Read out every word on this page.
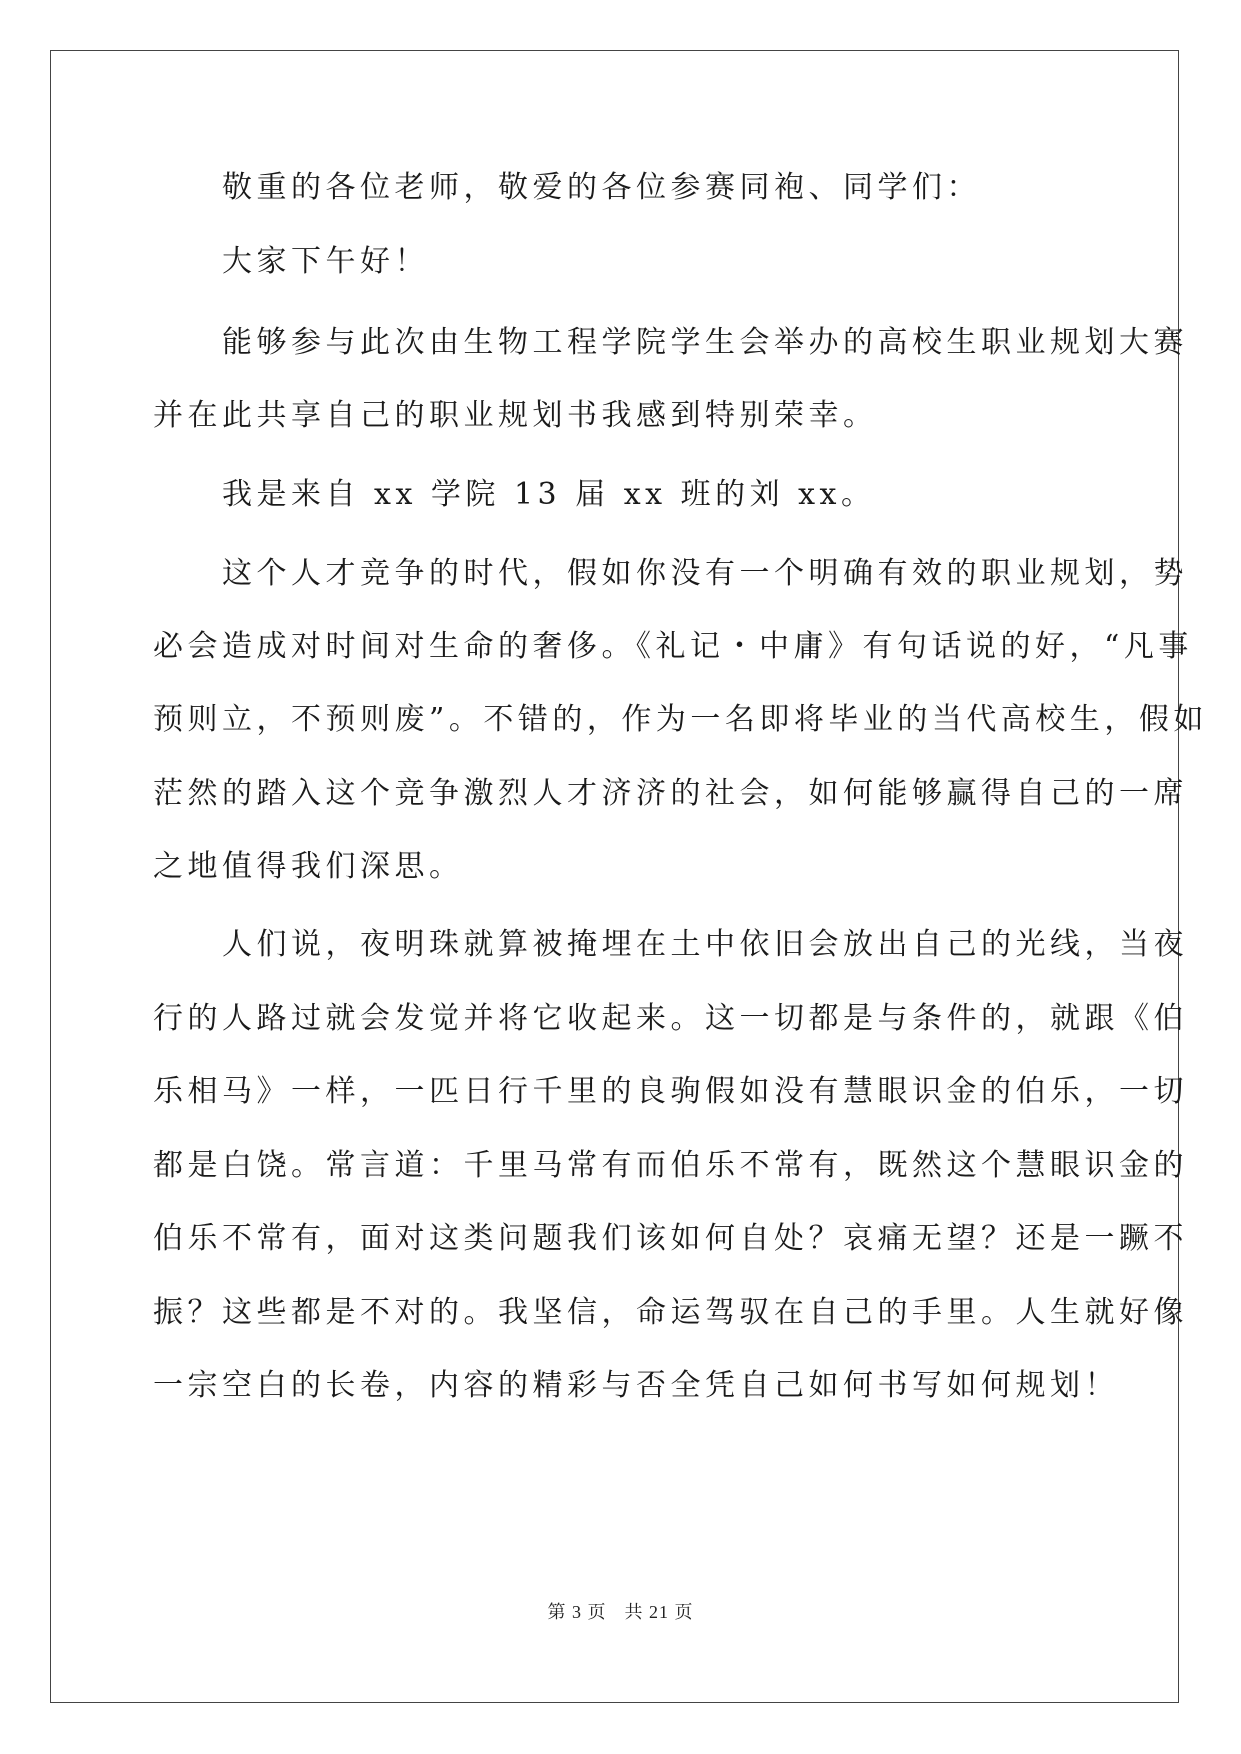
　　敬重的各位老师，敬爱的各位参赛同袍、同学们：
　　大家下午好！
　　能够参与此次由生物工程学院学生会举办的高校生职业规划大赛
并在此共享自己的职业规划书我感到特别荣幸。
　　我是来自 xx 学院 13 届 xx 班的刘 xx。
　　这个人才竞争的时代，假如你没有一个明确有效的职业规划，势
必会造成对时间对生命的奢侈。《礼记・中庸》有句话说的好，“凡事
预则立，不预则废”。不错的，作为一名即将毕业的当代高校生，假如
茫然的踏入这个竞争激烈人才济济的社会，如何能够赢得自己的一席
之地值得我们深思。
　　人们说，夜明珠就算被掩埋在土中依旧会放出自己的光线，当夜
行的人路过就会发觉并将它收起来。这一切都是与条件的，就跟《伯
乐相马》一样，一匹日行千里的良驹假如没有慧眼识金的伯乐，一切
都是白饶。常言道：千里马常有而伯乐不常有，既然这个慧眼识金的
伯乐不常有，面对这类问题我们该如何自处？哀痛无望？还是一蹶不
振？这些都是不对的。我坚信，命运驾驭在自己的手里。人生就好像
一宗空白的长卷，内容的精彩与否全凭自己如何书写如何规划！
第 3 页 共 21 页
